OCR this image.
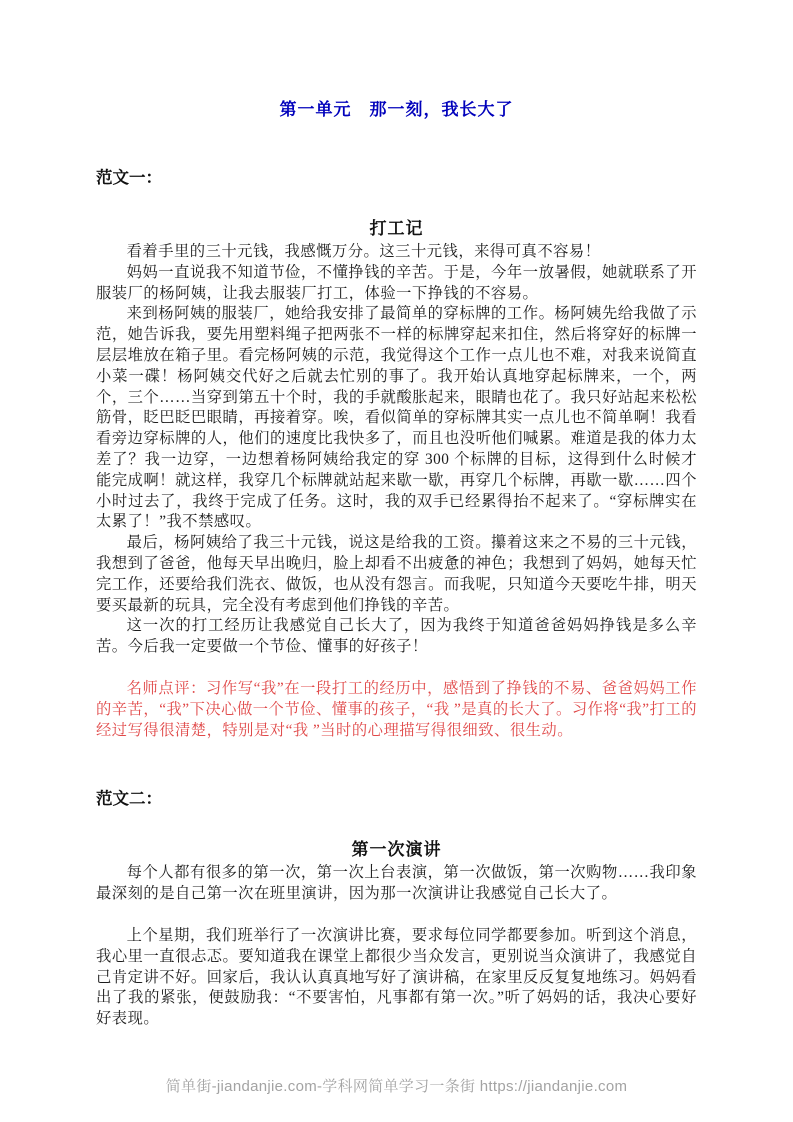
第一单元　那一刻，我长大了
范文一：
打工记

看着手里的三十元钱，我感慨万分。这三十元钱，来得可真不容易！

妈妈一直说我不知道节俭，不懂挣钱的辛苦。于是，今年一放暑假，她就联系了开服装厂的杨阿姨，让我去服装厂打工，体验一下挣钱的不容易。

来到杨阿姨的服装厂，她给我安排了最简单的穿标牌的工作。杨阿姨先给我做了示范，她告诉我，要先用塑料绳子把两张不一样的标牌穿起来扣住，然后将穿好的标牌一层层堆放在箱子里。看完杨阿姨的示范，我觉得这个工作一点儿也不难，对我来说简直小菜一碟！杨阿姨交代好之后就去忙别的事了。我开始认真地穿起标牌来，一个，两个，三个……当穿到第五十个时，我的手就酸胀起来，眼睛也花了。我只好站起来松松筋骨，眨巴眨巴眼睛，再接着穿。唉，看似简单的穿标牌其实一点儿也不简单啊！我看看旁边穿标牌的人，他们的速度比我快多了，而且也没听他们喊累。难道是我的体力太差了？我一边穿，一边想着杨阿姨给我定的穿 300 个标牌的目标，这得到什么时候才能完成啊！就这样，我穿几个标牌就站起来歇一歇，再穿几个标牌，再歇一歇……四个小时过去了，我终于完成了任务。这时，我的双手已经累得抬不起来了。“穿标牌实在太累了！”我不禁感叹。

最后，杨阿姨给了我三十元钱，说这是给我的工资。攥着这来之不易的三十元钱，我想到了爸爸，他每天早出晚归，脸上却看不出疲惫的神色；我想到了妈妈，她每天忙完工作，还要给我们洗衣、做饭，也从没有怨言。而我呢，只知道今天要吃牛排，明天要买最新的玩具，完全没有考虑到他们挣钱的辛苦。

这一次的打工经历让我感觉自己长大了，因为我终于知道爸爸妈妈挣钱是多么辛苦。今后我一定要做一个节俭、懂事的好孩子！

名师点评：习作写“我”在一段打工的经历中，感悟到了挣钱的不易、爸爸妈妈工作的辛苦，“我”下决心做一个节俭、懂事的孩子，“我 ”是真的长大了。习作将“我”打工的经过写得很清楚，特别是对“我 ”当时的心理描写得很细致、很生动。

范文二：
第一次演讲

每个人都有很多的第一次，第一次上台表演，第一次做饭，第一次购物……我印象最深刻的是自己第一次在班里演讲，因为那一次演讲让我感觉自己长大了。

上个星期，我们班举行了一次演讲比赛，要求每位同学都要参加。听到这个消息，我心里一直很忐忑。要知道我在课堂上都很少当众发言，更别说当众演讲了，我感觉自己肯定讲不好。回家后，我认认真真地写好了演讲稿，在家里反反复复地练习。妈妈看出了我的紧张，便鼓励我：“不要害怕，凡事都有第一次。”听了妈妈的话，我决心要好好表现。

简单街-jiandanjie.com-学科网简单学习一条街 https://jiandanjie.com
